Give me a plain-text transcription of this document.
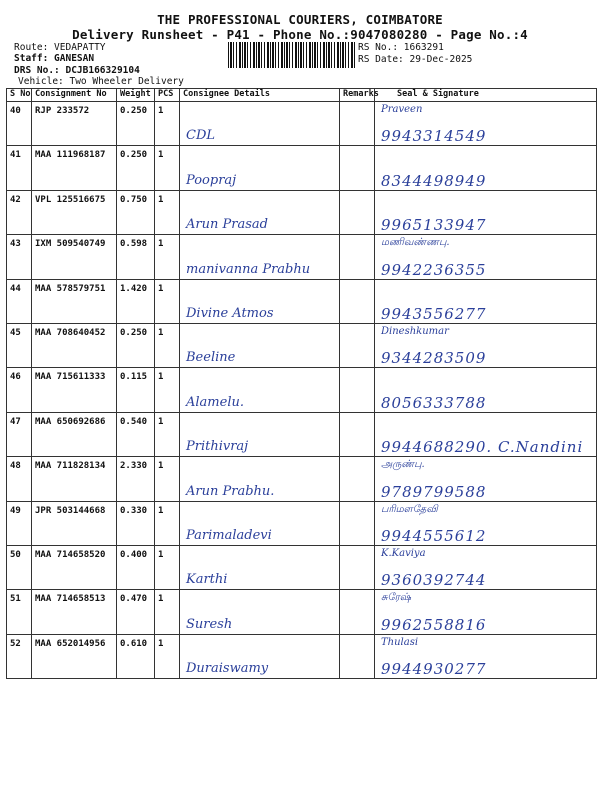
THE PROFESSIONAL COURIERS, COIMBATORE
Delivery Runsheet - P41 - Phone No.:9047080280 - Page No.:4
Route: VEDAPATTY
Staff: GANESAN
DRS No.: DCJB166329104
Vehicle: Two Wheeler Delivery
RS No.: 1663291
RS Date: 29-Dec-2025
S No	Consignment No	Weight	PCS	Consignee Details	Remarks	Seal & Signature
40	RJP 233572	0.250	1	CDL		Praveen
9943314549

41	MAA 111968187	0.250	1	Poopraj		8344498949

42	VPL 125516675	0.750	1	Arun Prasad		9965133947

43	IXM 509540749	0.598	1	manivanna Prabhu		மணிவண்ணபு.
9942236355

44	MAA 578579751	1.420	1	Divine Atmos		9943556277

45	MAA 708640452	0.250	1	Beeline		Dineshkumar
9344283509

46	MAA 715611333	0.115	1	Alamelu.		8056333788

47	MAA 650692686	0.540	1	Prithivraj		9944688290. C.Nandini

48	MAA 711828134	2.330	1	Arun Prabhu.		அருண்பு.
9789799588

49	JPR 503144668	0.330	1	Parimaladevi		பரிமளதேவி
9944555612

50	MAA 714658520	0.400	1	Karthi		K.Kaviya
9360392744

51	MAA 714658513	0.470	1	Suresh		சுரேஷ்
9962558816

52	MAA 652014956	0.610	1	Duraiswamy		Thulasi
9944930277
